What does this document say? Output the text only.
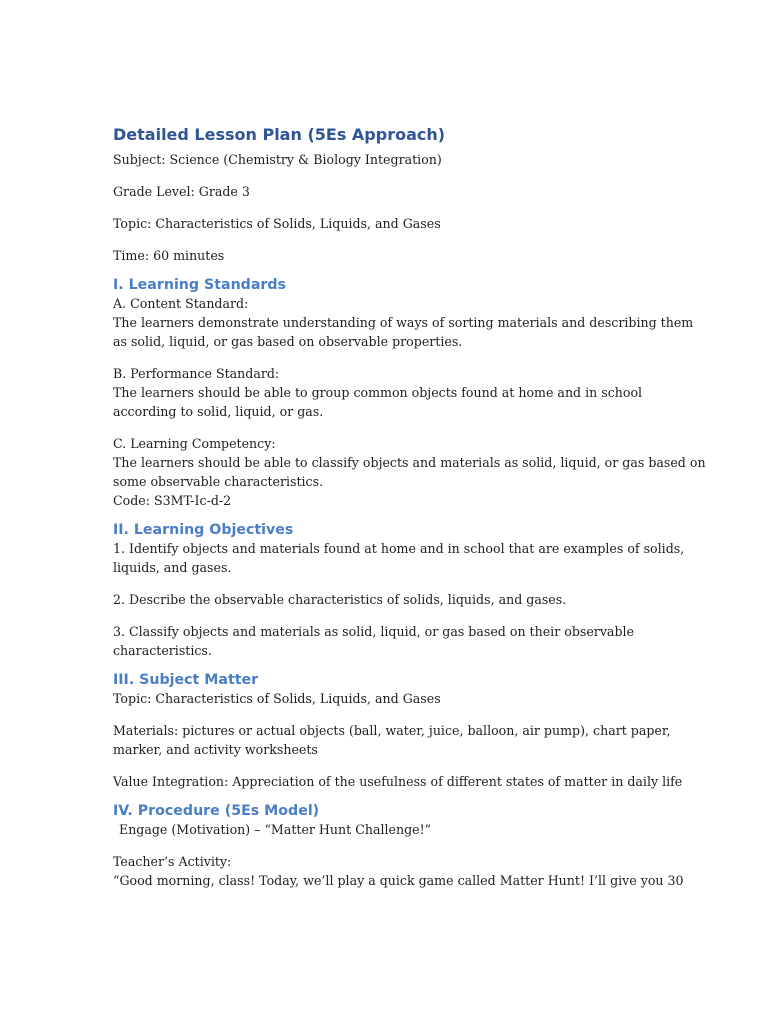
Detailed Lesson Plan (5Es Approach)

Subject: Science (Chemistry & Biology Integration)

Grade Level: Grade 3

Topic: Characteristics of Solids, Liquids, and Gases

Time: 60 minutes

I. Learning Standards

A. Content Standard:

The learners demonstrate understanding of ways of sorting materials and describing them
as solid, liquid, or gas based on observable properties.

B. Performance Standard:

The learners should be able to group common objects found at home and in school
according to solid, liquid, or gas.

C. Learning Competency:

The learners should be able to classify objects and materials as solid, liquid, or gas based on
some observable characteristics.

Code: S3MT-Ic-d-2

II. Learning Objectives
1. Identify objects and materials found at home and in school that are examples of solids,
liquids, and gases.

2. Describe the observable characteristics of solids, liquids, and gases.

3. Classify objects and materials as solid, liquid, or gas based on their observable
characteristics.
III. Subject Matter

Topic: Characteristics of Solids, Liquids, and Gases

Materials: pictures or actual objects (ball, water, juice, balloon, air pump), chart paper,
marker, and activity worksheets

Value Integration: Appreciation of the usefulness of different states of matter in daily life

IV. Procedure (5Es Model)

Engage (Motivation) – “Matter Hunt Challenge!”

Teacher’s Activity:

“Good morning, class! Today, we’ll play a quick game called Matter Hunt! I’ll give you 30
